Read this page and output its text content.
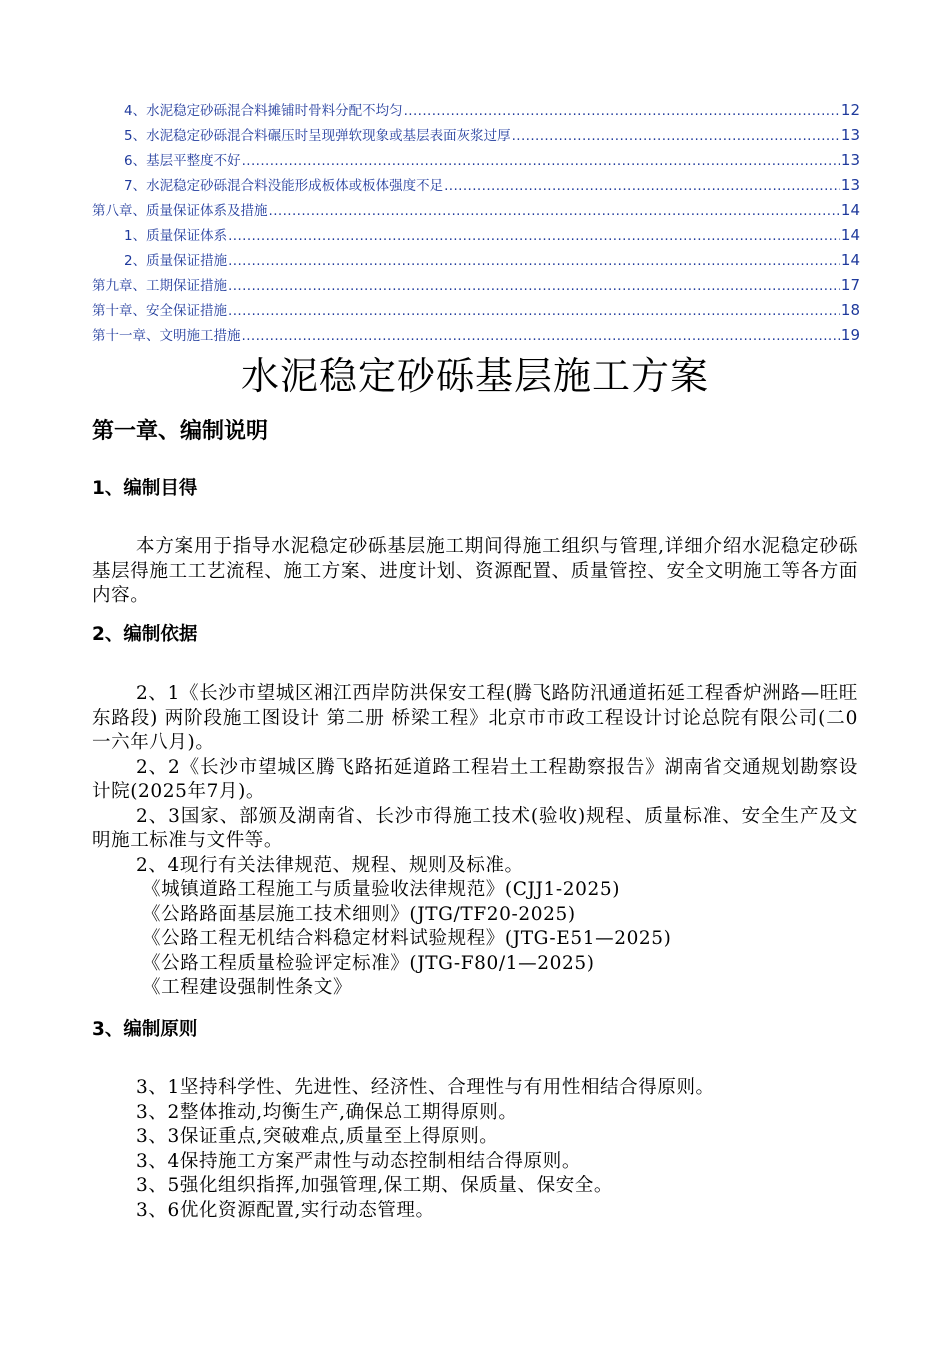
4、水泥稳定砂砾混合料摊铺时骨料分配不均匀 .....	12
5、水泥稳定砂砾混合料碾压时呈现弹软现象或基层表面灰浆过厚 .....	13
6、基层平整度不好 .....	13
7、水泥稳定砂砾混合料没能形成板体或板体强度不足 .....	13
第八章、质量保证体系及措施 .....	14
1、质量保证体系 .....	14
2、质量保证措施 .....	14
第九章、工期保证措施 .....	17
第十章、安全保证措施 .....	18
第十一章、文明施工措施 .....	19
水泥稳定砂砾基层施工方案
第一章、编制说明
1、编制目得

本方案用于指导水泥稳定砂砾基层施工期间得施工组织与管理,详细介绍水泥稳定砂砾基层得施工工艺流程、施工方案、进度计划、资源配置、质量管控、安全文明施工等各方面内容。

2、编制依据

2、1《长沙市望城区湘江西岸防洪保安工程(腾飞路防汛通道拓延工程香炉洲路—旺旺东路段) 两阶段施工图设计 第二册 桥梁工程》北京市市政工程设计讨论总院有限公司(二0一六年八月)。

2、2《长沙市望城区腾飞路拓延道路工程岩土工程勘察报告》湖南省交通规划勘察设计院(2025年7月)。

2、3国家、部颁及湖南省、长沙市得施工技术(验收)规程、质量标准、安全生产及文明施工标准与文件等。

2、4现行有关法律规范、规程、规则及标准。

《城镇道路工程施工与质量验收法律规范》(CJJ1-2025)

《公路路面基层施工技术细则》(JTG/TF20-2025)

《公路工程无机结合料稳定材料试验规程》(JTG-E51—2025)

《公路工程质量检验评定标准》(JTG-F80/1—2025)

《工程建设强制性条文》

3、编制原则

3、1坚持科学性、先进性、经济性、合理性与有用性相结合得原则。

3、2整体推动,均衡生产,确保总工期得原则。

3、3保证重点,突破难点,质量至上得原则。

3、4保持施工方案严肃性与动态控制相结合得原则。

3、5强化组织指挥,加强管理,保工期、保质量、保安全。

3、6优化资源配置,实行动态管理。
